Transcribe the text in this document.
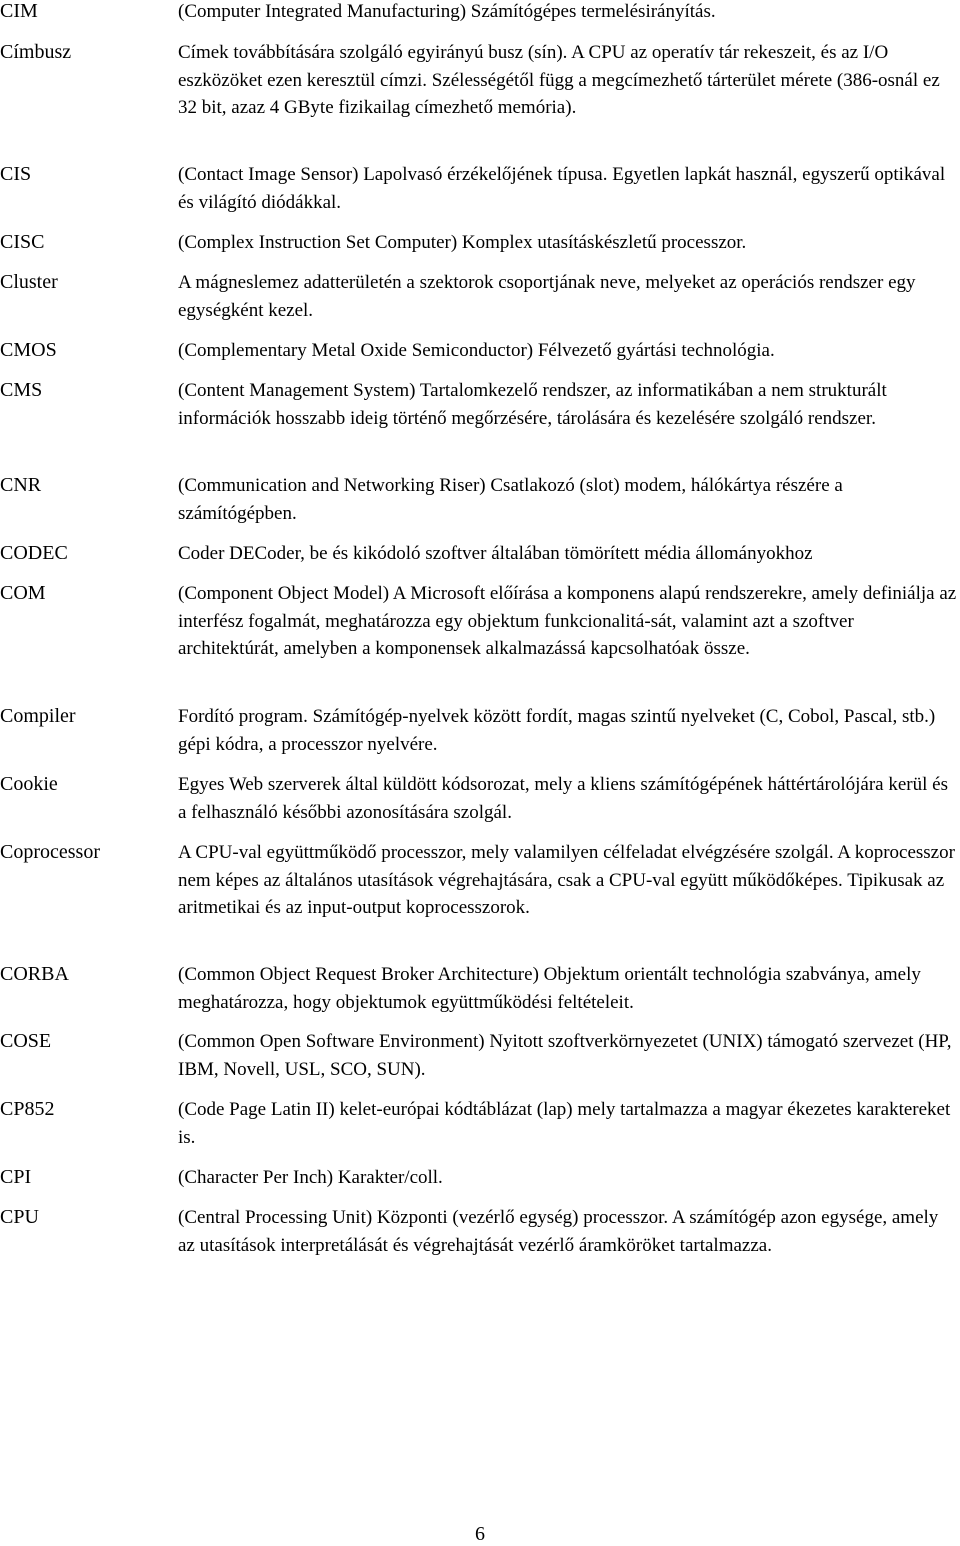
CIM	(Computer Integrated Manufacturing) Számítógépes termelésirányítás.
Címbusz	Címek továbbítására szolgáló egyirányú busz (sín). A CPU az operatív tár rekeszeit, és az I/O eszközöket ezen keresztül címzi. Szélességétől függ a megcímezhető tárterület mérete (386-osnál ez 32 bit, azaz 4 GByte fizikailag címezhető memória).
CIS	(Contact Image Sensor) Lapolvasó érzékelőjének típusa. Egyetlen lapkát használ, egyszerű optikával és világító diódákkal.
CISC	(Complex Instruction Set Computer) Komplex utasításkészletű processzor.
Cluster	A mágneslemez adatterületén a szektorok csoportjának neve, melyeket az operációs rendszer egy egységként kezel.
CMOS	(Complementary Metal Oxide Semiconductor) Félvezető gyártási technológia.
CMS	(Content Management System) Tartalomkezelő rendszer, az informatikában a nem strukturált információk hosszabb ideig történő megőrzésére, tárolására és kezelésére szolgáló rendszer.
CNR	(Communication and Networking Riser) Csatlakozó (slot) modem, hálókártya részére a számítógépben.
CODEC	Coder DECoder, be és kikódoló szoftver általában tömörített média állományokhoz
COM	(Component Object Model) A Microsoft előírása a komponens alapú rendszerekre, amely definiálja az interfész fogalmát, meghatározza egy objektum funkcionalitá-sát, valamint azt a szoftver architektúrát, amelyben a komponensek alkalmazássá kapcsolhatóak össze.
Compiler	Fordító program. Számítógép-nyelvek között fordít, magas szintű nyelveket (C, Cobol, Pascal, stb.) gépi kódra, a processzor nyelvére.
Cookie	Egyes Web szerverek által küldött kódsorozat, mely a kliens számítógépének háttértárolójára kerül és a felhasználó későbbi azonosítására szolgál.
Coprocessor	A CPU-val együttműködő processzor, mely valamilyen célfeladat elvégzésére szolgál. A koprocesszor nem képes az általános utasítások végrehajtására, csak a CPU-val együtt működőképes. Tipikusak az aritmetikai és az input-output koprocesszorok.
CORBA	(Common Object Request Broker Architecture) Objektum orientált technológia szabványa, amely meghatározza, hogy objektumok együttműködési feltételeit.
COSE	(Common Open Software Environment) Nyitott szoftverkörnyezetet (UNIX) támogató szervezet (HP, IBM, Novell, USL, SCO, SUN).
CP852	(Code Page Latin II) kelet-európai kódtáblázat (lap) mely tartalmazza a magyar ékezetes karaktereket is.
CPI	(Character Per Inch) Karakter/coll.
CPU	(Central Processing Unit) Központi (vezérlő egység) processzor. A számítógép azon egysége, amely az utasítások interpretálását és végrehajtását vezérlő áramköröket tartalmazza.
6
